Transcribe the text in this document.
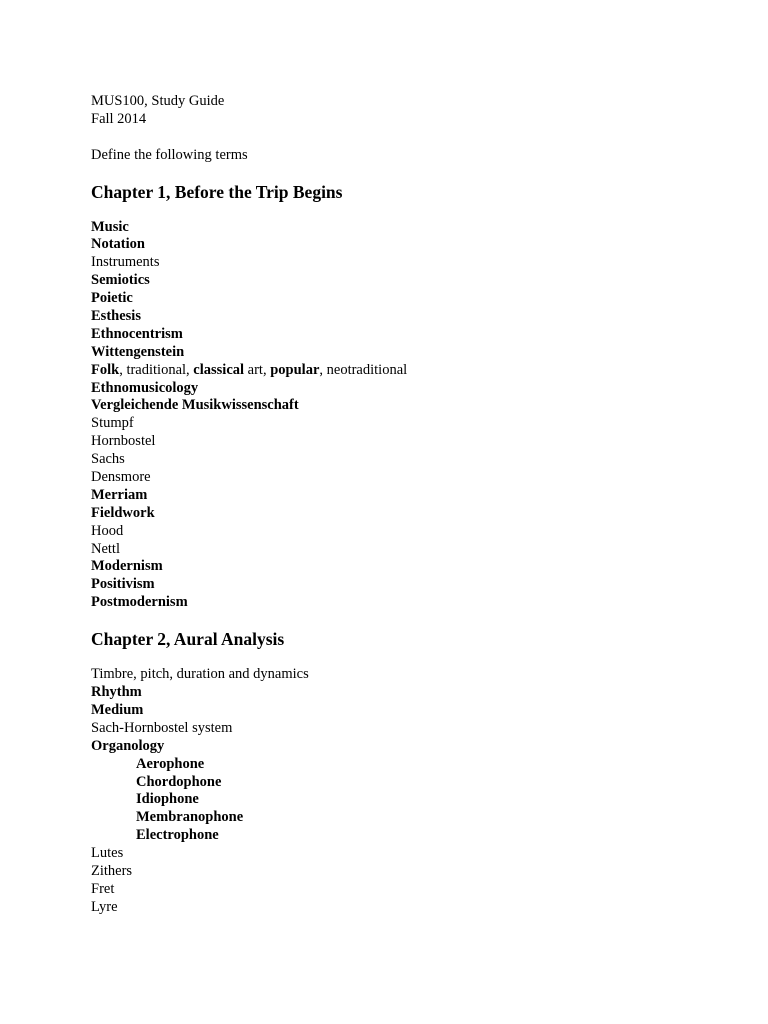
MUS100, Study Guide
Fall 2014
Define the following terms
Chapter 1, Before the Trip Begins
Music
Notation
Instruments
Semiotics
Poietic
Esthesis
Ethnocentrism
Wittengenstein
Folk, traditional, classical art, popular, neotraditional
Ethnomusicology
Vergleichende Musikwissenschaft
Stumpf
Hornbostel
Sachs
Densmore
Merriam
Fieldwork
Hood
Nettl
Modernism
Positivism
Postmodernism
Chapter 2, Aural Analysis
Timbre, pitch, duration and dynamics
Rhythm
Medium
Sach-Hornbostel system
Organology
Aerophone
Chordophone
Idiophone
Membranophone
Electrophone
Lutes
Zithers
Fret
Lyre
